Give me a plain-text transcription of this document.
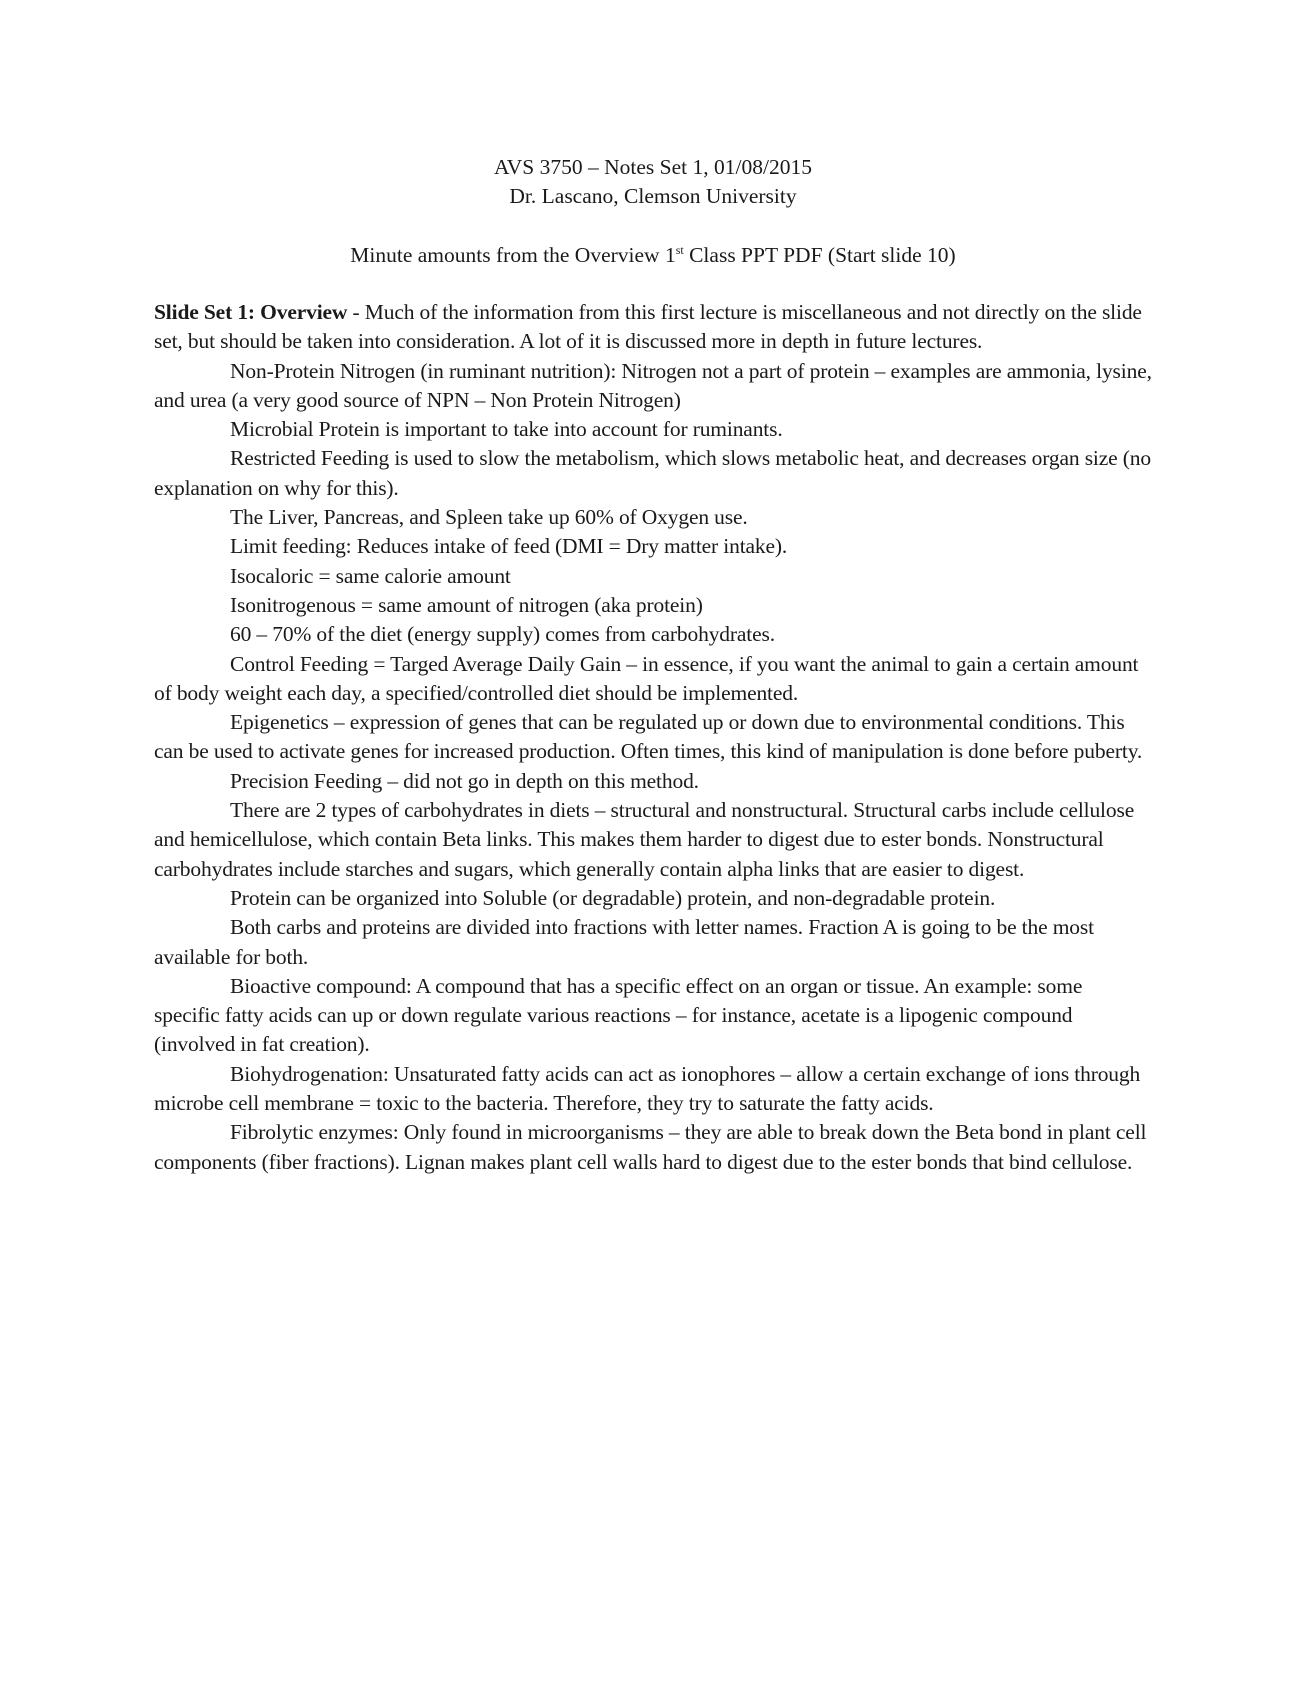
AVS 3750 – Notes Set 1, 01/08/2015
Dr. Lascano, Clemson University
Minute amounts from the Overview 1st Class PPT PDF (Start slide 10)

Slide Set 1: Overview - Much of the information from this first lecture is miscellaneous and not directly on the slide set, but should be taken into consideration. A lot of it is discussed more in depth in future lectures.

Non-Protein Nitrogen (in ruminant nutrition): Nitrogen not a part of protein – examples are ammonia, lysine, and urea (a very good source of NPN – Non Protein Nitrogen)

Microbial Protein is important to take into account for ruminants.

Restricted Feeding is used to slow the metabolism, which slows metabolic heat, and decreases organ size (no explanation on why for this).

The Liver, Pancreas, and Spleen take up 60% of Oxygen use.

Limit feeding: Reduces intake of feed (DMI = Dry matter intake).

Isocaloric = same calorie amount

Isonitrogenous = same amount of nitrogen (aka protein)

60 – 70% of the diet (energy supply) comes from carbohydrates.

Control Feeding = Targed Average Daily Gain – in essence, if you want the animal to gain a certain amount of body weight each day, a specified/controlled diet should be implemented.

Epigenetics – expression of genes that can be regulated up or down due to environmental conditions. This can be used to activate genes for increased production. Often times, this kind of manipulation is done before puberty.

Precision Feeding – did not go in depth on this method.

There are 2 types of carbohydrates in diets – structural and nonstructural. Structural carbs include cellulose and hemicellulose, which contain Beta links. This makes them harder to digest due to ester bonds. Nonstructural carbohydrates include starches and sugars, which generally contain alpha links that are easier to digest.

Protein can be organized into Soluble (or degradable) protein, and non-degradable protein.

Both carbs and proteins are divided into fractions with letter names. Fraction A is going to be the most available for both.

Bioactive compound: A compound that has a specific effect on an organ or tissue. An example: some specific fatty acids can up or down regulate various reactions – for instance, acetate is a lipogenic compound (involved in fat creation).

Biohydrogenation: Unsaturated fatty acids can act as ionophores – allow a certain exchange of ions through microbe cell membrane = toxic to the bacteria. Therefore, they try to saturate the fatty acids.

Fibrolytic enzymes: Only found in microorganisms – they are able to break down the Beta bond in plant cell components (fiber fractions). Lignan makes plant cell walls hard to digest due to the ester bonds that bind cellulose.
